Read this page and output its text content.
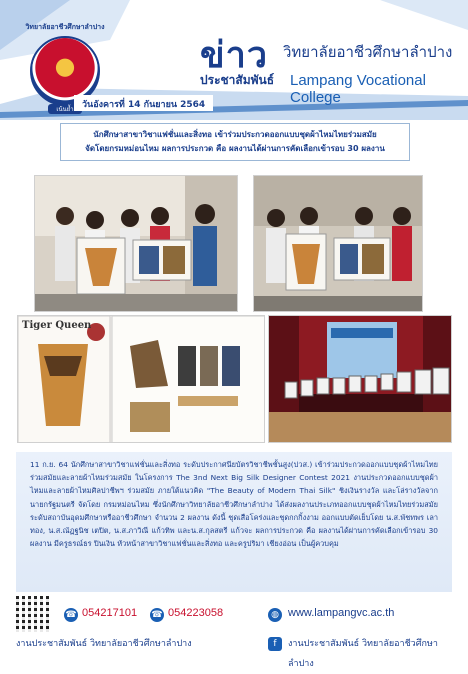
วิทยาลัยอาชีวศึกษาลำปาง
เน้นย้ำ
ข่าว
ประชาสัมพันธ์
วิทยาลัยอาชีวศึกษาลำปาง
Lampang Vocational College
วันอังคารที่ 14 กันยายน 2564
นักศึกษาสาขาวิชาแฟชั่นและสิ่งทอ เข้าร่วมประกวดออกแบบชุดผ้าไหมไทยร่วมสมัย
จัดโดยกรมหม่อนไหม ผลการประกวด คือ ผลงานได้ผ่านการคัดเลือกเข้ารอบ 30 ผลงาน
Tiger Queen
11 ก.ย. 64 นักศึกษาสาขาวิชาแฟชั่นและสิ่งทอ ระดับประกาศนียบัตรวิชาชีพชั้นสูง(ปวส.) เข้าร่วมประกวดออกแบบชุดผ้าไหมไทยร่วมสมัยและลายผ้าไหมร่วมสมัย ในโครงการ The 3nd Next Big Silk Designer Contest 2021 งานประกวดออกแบบชุดผ้าไหมและลายผ้าไหมศิลปาชีพฯ ร่วมสมัย ภายใต้แนวคิด "The Beauty of Modern Thai Silk" ชิงเงินรางวัล และโล่รางวัลจากนายกรัฐมนตรี จัดโดย กรมหม่อนไหม ซึ่งนักศึกษาวิทยาลัยอาชีวศึกษาลำปาง ได้ส่งผลงานประเภทออกแบบชุดผ้าไหมไทยร่วมสมัย ระดับสถาบันอุดมศึกษาหรืออาชีวศึกษา จำนวน 2 ผลงาน ดังนี้ ชุดเสือโคร่งและชุดกกกิ้งงาม ออกแบบตัดเย็บโดย น.ส.พัชทพร เลาทอง, น.ส.ณัฏฐนิช เตปิต, น.ส.ภาวิณี แก้วทิพ และน.ส.กุลสตรี แก้วจะ ผลการประกวด คือ ผลงานได้ผ่านการคัดเลือกเข้ารอบ 30 ผลงาน มีครูธรณ์ธร ปินเงิน หัวหน้าสาขาวิชาแฟชั่นและสิ่งทอ และครูปริมา เชียงอ่อน เป็นผู้ควบคุม
☎ 054217101 ☎ 054223058	◍ www.lampangvc.ac.th
งานประชาสัมพันธ์ วิทยาลัยอาชีวศึกษาลำปาง	f	งานประชาสัมพันธ์ วิทยาลัยอาชีวศึกษาลำปาง
